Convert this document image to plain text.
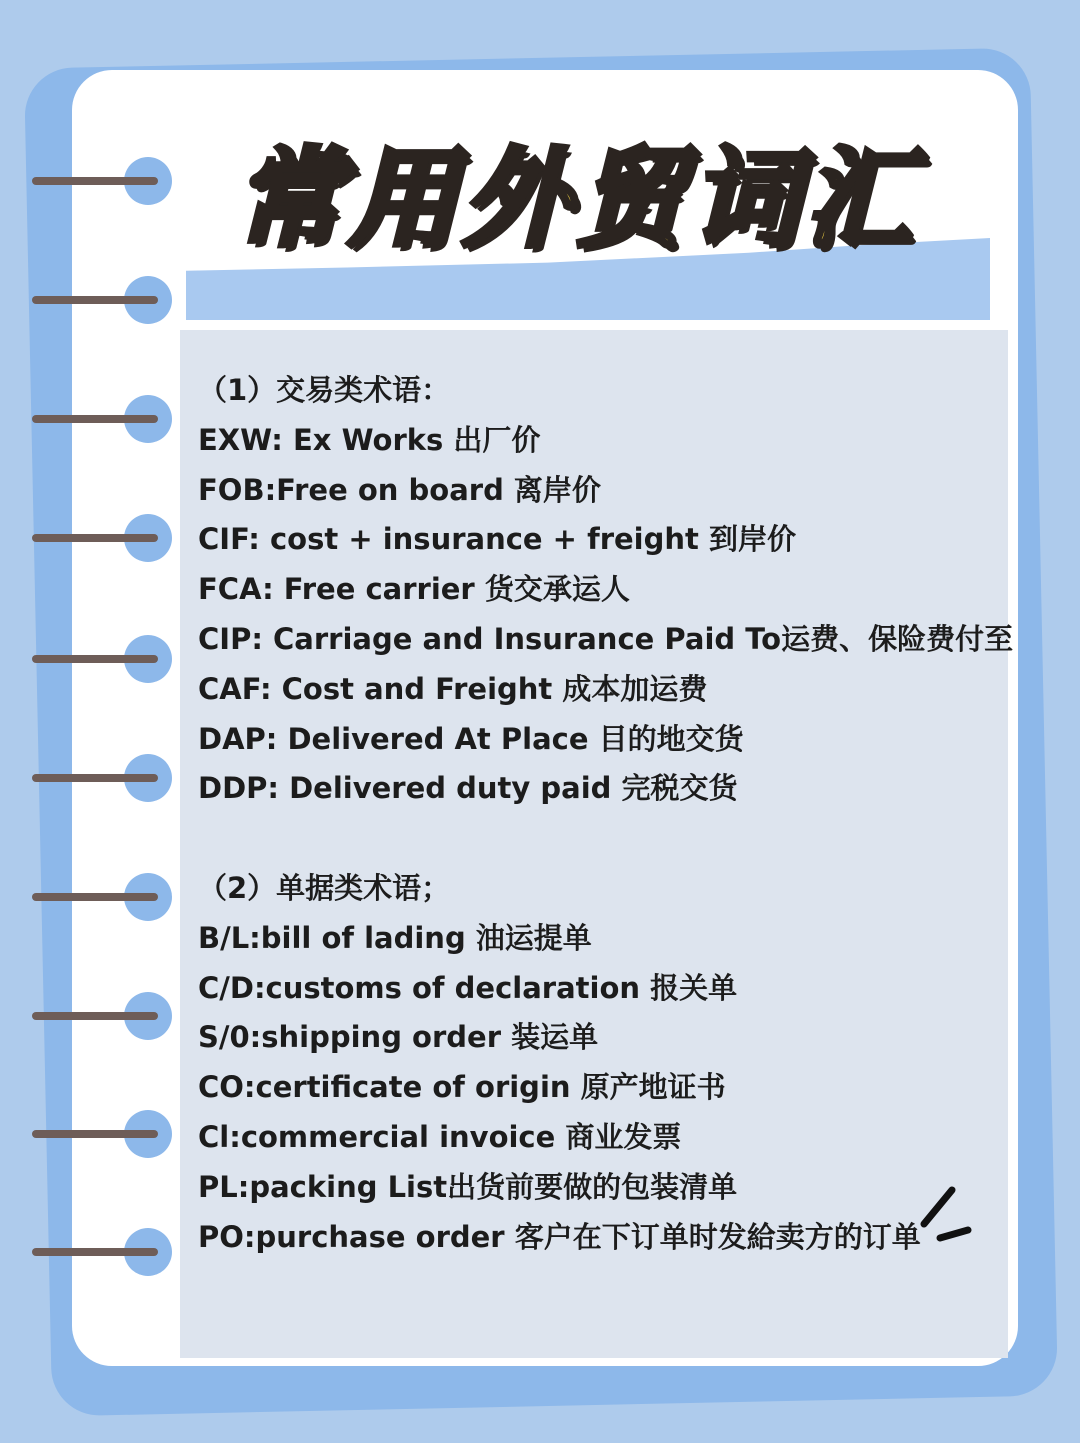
常用外贸词汇
（1）交易类术语：
EXW: Ex Works 出厂价
FOB:Free on board 离岸价
CIF: cost + insurance + freight 到岸价
FCA: Free carrier 货交承运人
CIP: Carriage and Insurance Paid To运费、保险费付至
CAF: Cost and Freight 成本加运费
DAP: Delivered At Place 目的地交货
DDP: Delivered duty paid 完税交货
（2）单据类术语；
B/L:bill of lading 油运提单
C/D:customs of declaration 报关单
S/0:shipping order 装运单
CO:certificate of origin 原产地证书
Cl:commercial invoice 商业发票
PL:packing List出货前要做的包装清单
PO:purchase order 客户在下订单时发給卖方的订单
